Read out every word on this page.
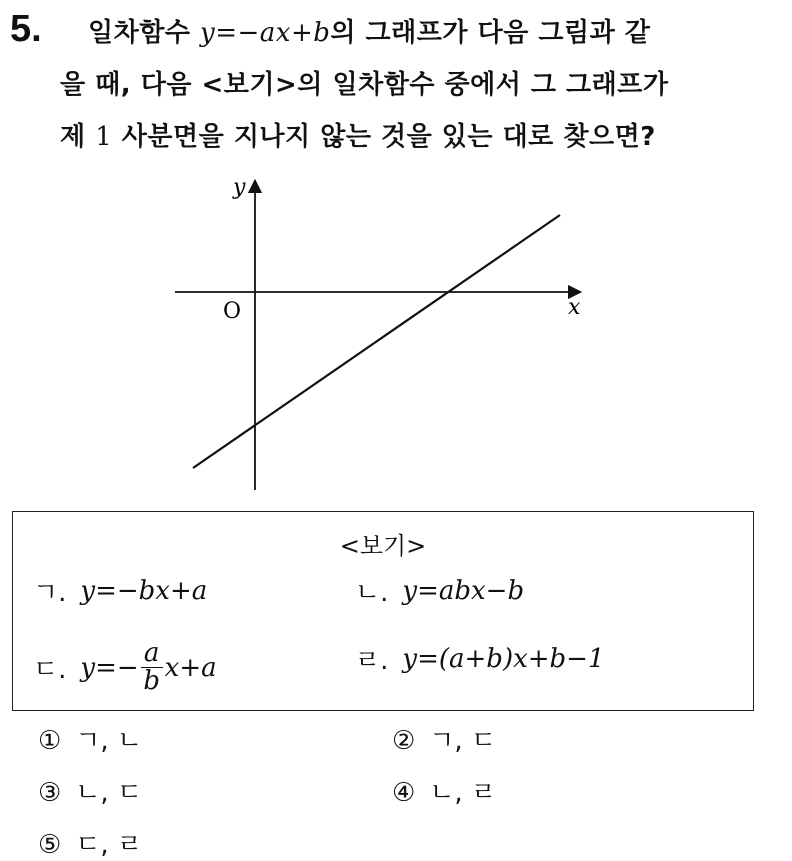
5. 일차함수 y=−ax+b의 그래프가 다음 그림과 같
을 때, 다음 <보기>의 일차함수 중에서 그 그래프가
제 1 사분면을 지나지 않는 것을 있는 대로 찾으면?
y
x
O
<보기>
ㄱ. y=−bx+a	ㄴ. y=abx−b
ㄷ. $y=- \frac{a}{b} x+a$	ㄹ. y=(a+b)x+b−1
① ㄱ, ㄴ	② ㄱ, ㄷ
③ ㄴ, ㄷ	④ ㄴ, ㄹ
⑤ ㄷ, ㄹ
